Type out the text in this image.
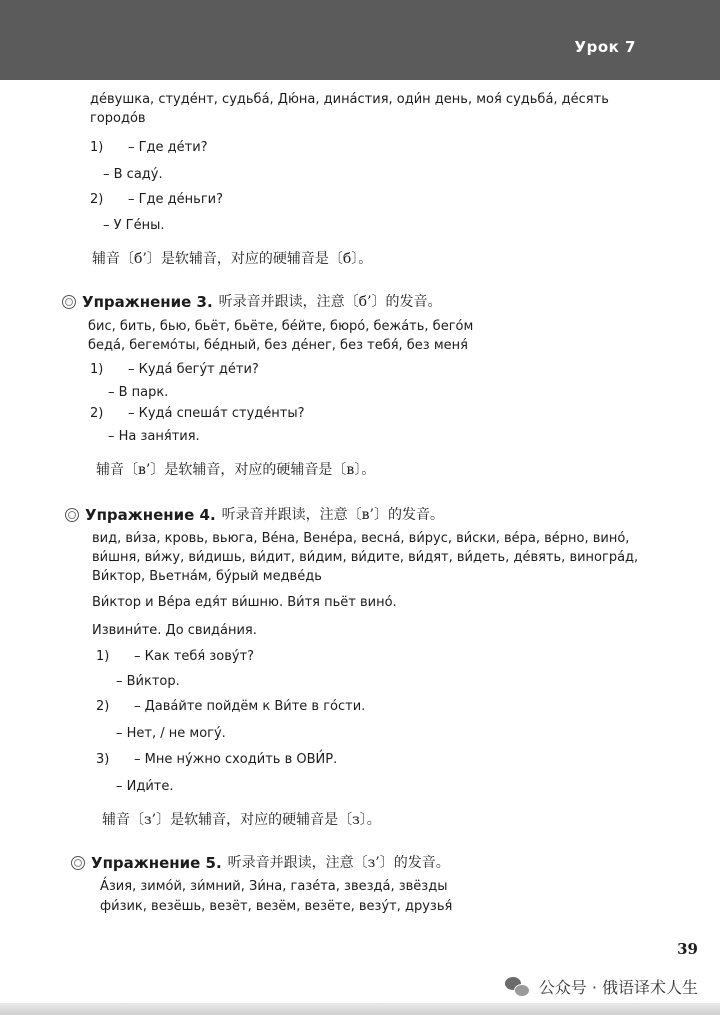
Урок 7
де́вушка, студе́нт, судьба́, Дю́на, дина́стия, оди́н день, моя́ судьба́, де́сять
городо́в
1) – Где де́ти?
– В саду́.
2) – Где де́ньги?
– У Ге́ны.
辅音〔б’〕是软辅音，对应的硬辅音是〔б〕。
Упражнение 3. 听录音并跟读，注意〔б’〕的发音。
бис, бить, бью, бьёт, бьёте, бе́йте, бюро́, бежа́ть, бего́м
беда́, бегемо́ты, бе́дный, без де́нег, без тебя́, без меня́
1) – Куда́ бегу́т де́ти?
– В парк.
2) – Куда́ спеша́т студе́нты?
– На заня́тия.
辅音〔в’〕是软辅音，对应的硬辅音是〔в〕。
Упражнение 4. 听录音并跟读，注意〔в’〕的发音。
вид, ви́за, кровь, вьюга, Ве́на, Вене́ра, весна́, ви́рус, ви́ски, ве́ра, ве́рно, вино́,
ви́шня, ви́жу, ви́дишь, ви́дит, ви́дим, ви́дите, ви́дят, ви́деть, де́вять, виногра́д,
Ви́ктор, Вьетна́м, бу́рый медве́дь
Ви́ктор и Ве́ра едя́т ви́шню. Ви́тя пьёт вино́.
Извини́те. До свида́ния.
1) – Как тебя́ зову́т?
– Ви́ктор.
2) – Дава́йте пойдём к Ви́те в го́сти.
– Нет, / не могу́.
3) – Мне ну́жно сходи́ть в ОВИ́Р.
– Иди́те.
辅音〔з’〕是软辅音，对应的硬辅音是〔з〕。
Упражнение 5. 听录音并跟读，注意〔з’〕的发音。
А́зия, зимо́й, зи́мний, Зи́на, газе́та, звезда́, звёзды
фи́зик, везёшь, везёт, везём, везёте, везу́т, друзья́
39
公众号 · 俄语译术人生
